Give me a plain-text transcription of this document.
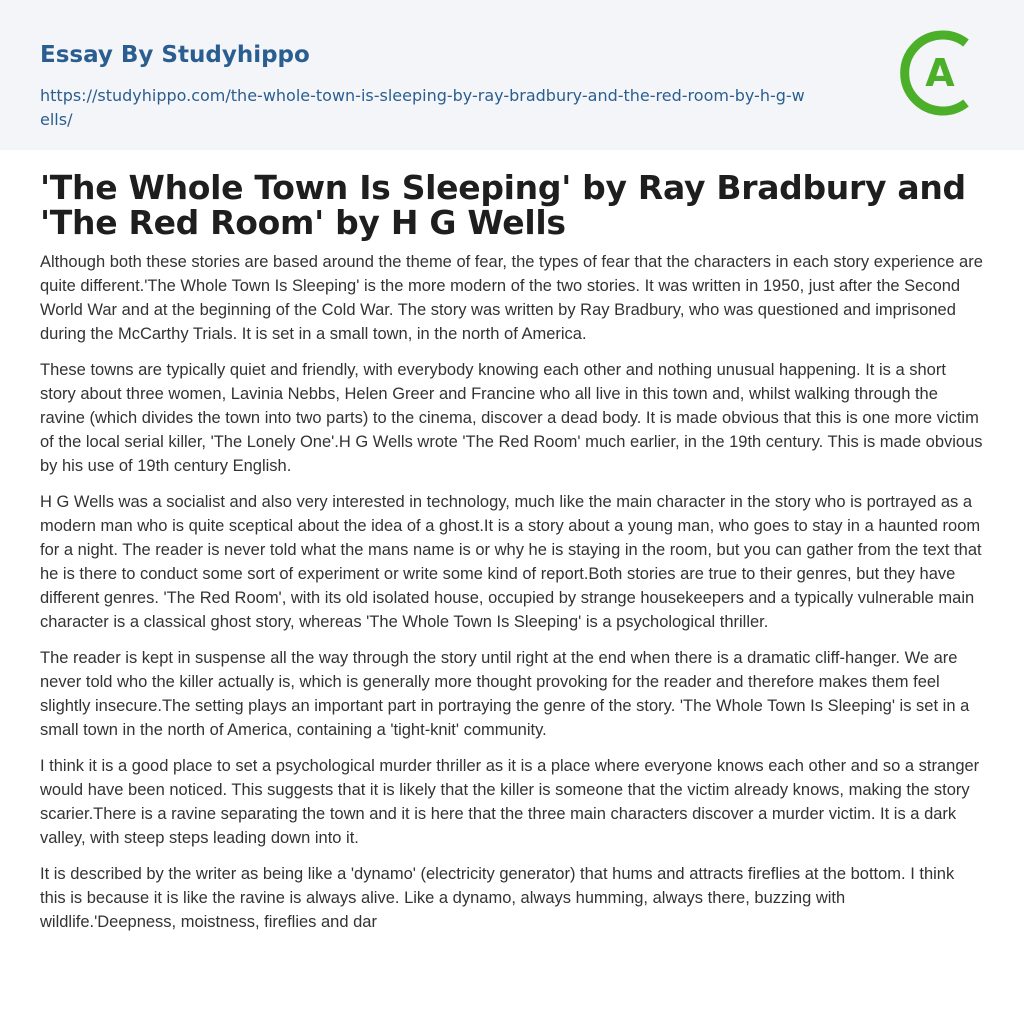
Essay By Studyhippo
https://studyhippo.com/the-whole-town-is-sleeping-by-ray-bradbury-and-the-red-room-by-h-g-wells/
A
'The Whole Town Is Sleeping' by Ray Bradbury and 'The Red Room' by H G Wells

Although both these stories are based around the theme of fear, the types of fear that the characters in each story experience are quite different.'The Whole Town Is Sleeping' is the more modern of the two stories. It was written in 1950, just after the Second World War and at the beginning of the Cold War. The story was written by Ray Bradbury, who was questioned and imprisoned during the McCarthy Trials. It is set in a small town, in the north of America.

These towns are typically quiet and friendly, with everybody knowing each other and nothing unusual happening. It is a short story about three women, Lavinia Nebbs, Helen Greer and Francine who all live in this town and, whilst walking through the ravine (which divides the town into two parts) to the cinema, discover a dead body. It is made obvious that this is one more victim of the local serial killer, 'The Lonely One'.H G Wells wrote 'The Red Room' much earlier, in the 19th century. This is made obvious by his use of 19th century English.

H G Wells was a socialist and also very interested in technology, much like the main character in the story who is portrayed as a modern man who is quite sceptical about the idea of a ghost.It is a story about a young man, who goes to stay in a haunted room for a night. The reader is never told what the mans name is or why he is staying in the room, but you can gather from the text that he is there to conduct some sort of experiment or write some kind of report.Both stories are true to their genres, but they have different genres. 'The Red Room', with its old isolated house, occupied by strange housekeepers and a typically vulnerable main character is a classical ghost story, whereas 'The Whole Town Is Sleeping' is a psychological thriller.

The reader is kept in suspense all the way through the story until right at the end when there is a dramatic cliff-hanger. We are never told who the killer actually is, which is generally more thought provoking for the reader and therefore makes them feel slightly insecure.The setting plays an important part in portraying the genre of the story. 'The Whole Town Is Sleeping' is set in a small town in the north of America, containing a 'tight-knit' community.

I think it is a good place to set a psychological murder thriller as it is a place where everyone knows each other and so a stranger would have been noticed. This suggests that it is likely that the killer is someone that the victim already knows, making the story scarier.There is a ravine separating the town and it is here that the three main characters discover a murder victim. It is a dark valley, with steep steps leading down into it.

It is described by the writer as being like a 'dynamo' (electricity generator) that hums and attracts fireflies at the bottom. I think this is because it is like the ravine is always alive. Like a dynamo, always humming, always there, buzzing with wildlife.'Deepness, moistness, fireflies and dar
